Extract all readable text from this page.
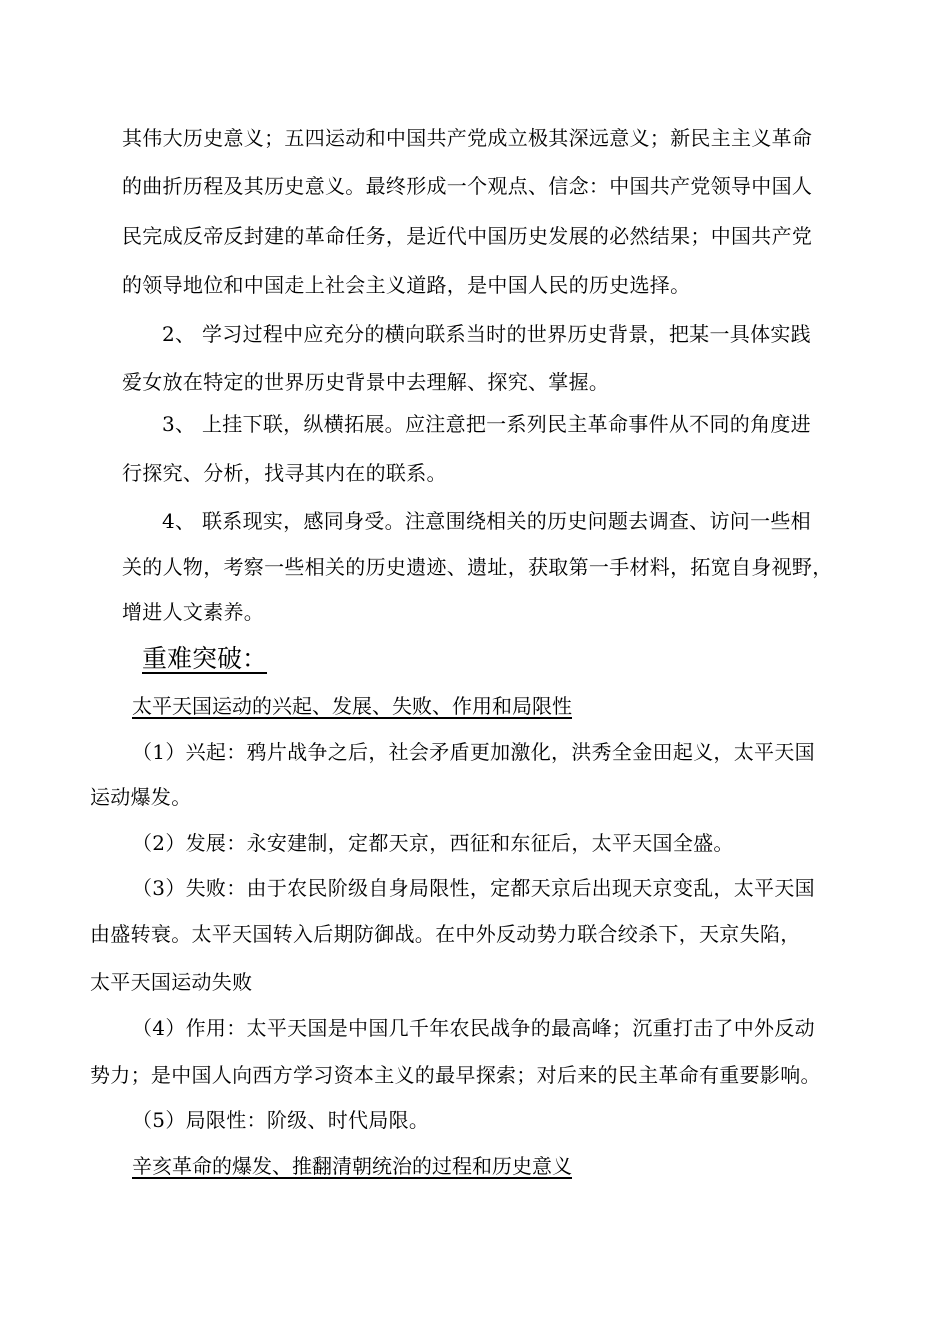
其伟大历史意义；五四运动和中国共产党成立极其深远意义；新民主主义革命
的曲折历程及其历史意义。最终形成一个观点、信念：中国共产党领导中国人
民完成反帝反封建的革命任务，是近代中国历史发展的必然结果；中国共产党
的领导地位和中国走上社会主义道路，是中国人民的历史选择。
2、 学习过程中应充分的横向联系当时的世界历史背景，把某一具体实践
爱女放在特定的世界历史背景中去理解、探究、掌握。
3、 上挂下联，纵横拓展。应注意把一系列民主革命事件从不同的角度进
行探究、分析，找寻其内在的联系。
4、 联系现实，感同身受。注意围绕相关的历史问题去调查、访问一些相
关的人物，考察一些相关的历史遗迹、遗址，获取第一手材料，拓宽自身视野，
增进人文素养。
重难突破：
太平天国运动的兴起、发展、失败、作用和局限性
（1）兴起：鸦片战争之后，社会矛盾更加激化，洪秀全金田起义，太平天国
运动爆发。
（2）发展：永安建制，定都天京，西征和东征后，太平天国全盛。
（3）失败：由于农民阶级自身局限性，定都天京后出现天京变乱，太平天国
由盛转衰。太平天国转入后期防御战。在中外反动势力联合绞杀下，天京失陷，
太平天国运动失败
（4）作用：太平天国是中国几千年农民战争的最高峰；沉重打击了中外反动
势力；是中国人向西方学习资本主义的最早探索；对后来的民主革命有重要影响。
（5）局限性：阶级、时代局限。
辛亥革命的爆发、推翻清朝统治的过程和历史意义
